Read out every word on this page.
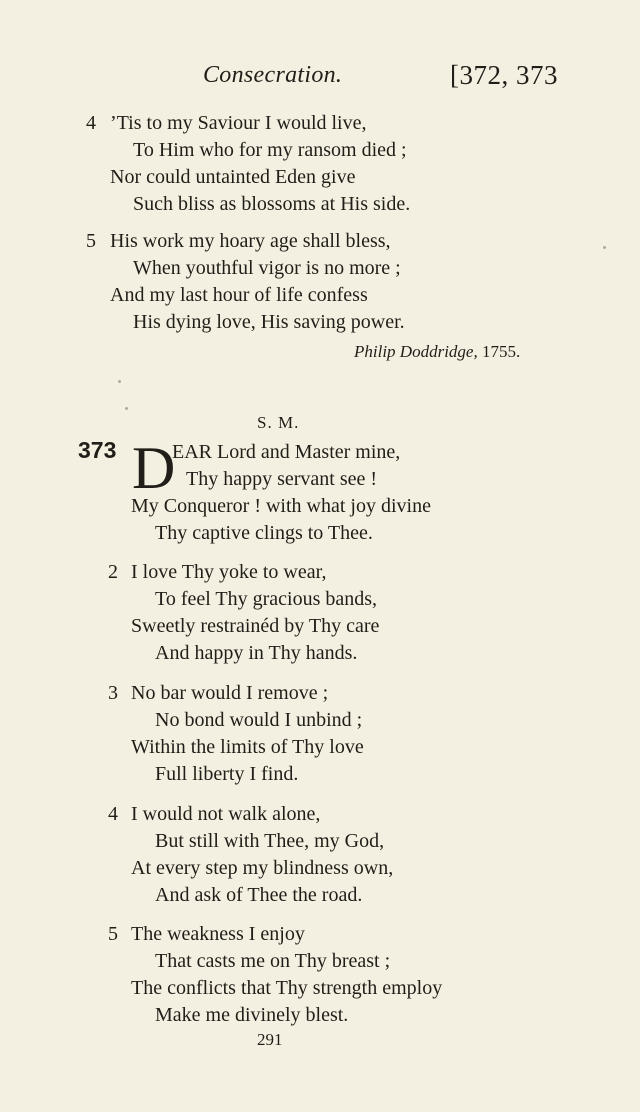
Consecration.	[372, 373
4 ’Tis to my Saviour I would live,
To Him who for my ransom died ;
Nor could untainted Eden give
Such bliss as blossoms at His side.
5 His work my hoary age shall bless,
When youthful vigor is no more ;
And my last hour of life confess
His dying love, His saving power.
Philip Doddridge, 1755.
S. M.
373 D
EAR Lord and Master mine,
Thy happy servant see !
My Conqueror ! with what joy divine
Thy captive clings to Thee.
2 I love Thy yoke to wear,
To feel Thy gracious bands,
Sweetly restrainéd by Thy care
And happy in Thy hands.
3 No bar would I remove ;
No bond would I unbind ;
Within the limits of Thy love
Full liberty I find.
4 I would not walk alone,
But still with Thee, my God,
At every step my blindness own,
And ask of Thee the road.
5 The weakness I enjoy
That casts me on Thy breast ;
The conflicts that Thy strength employ
Make me divinely blest.
291
